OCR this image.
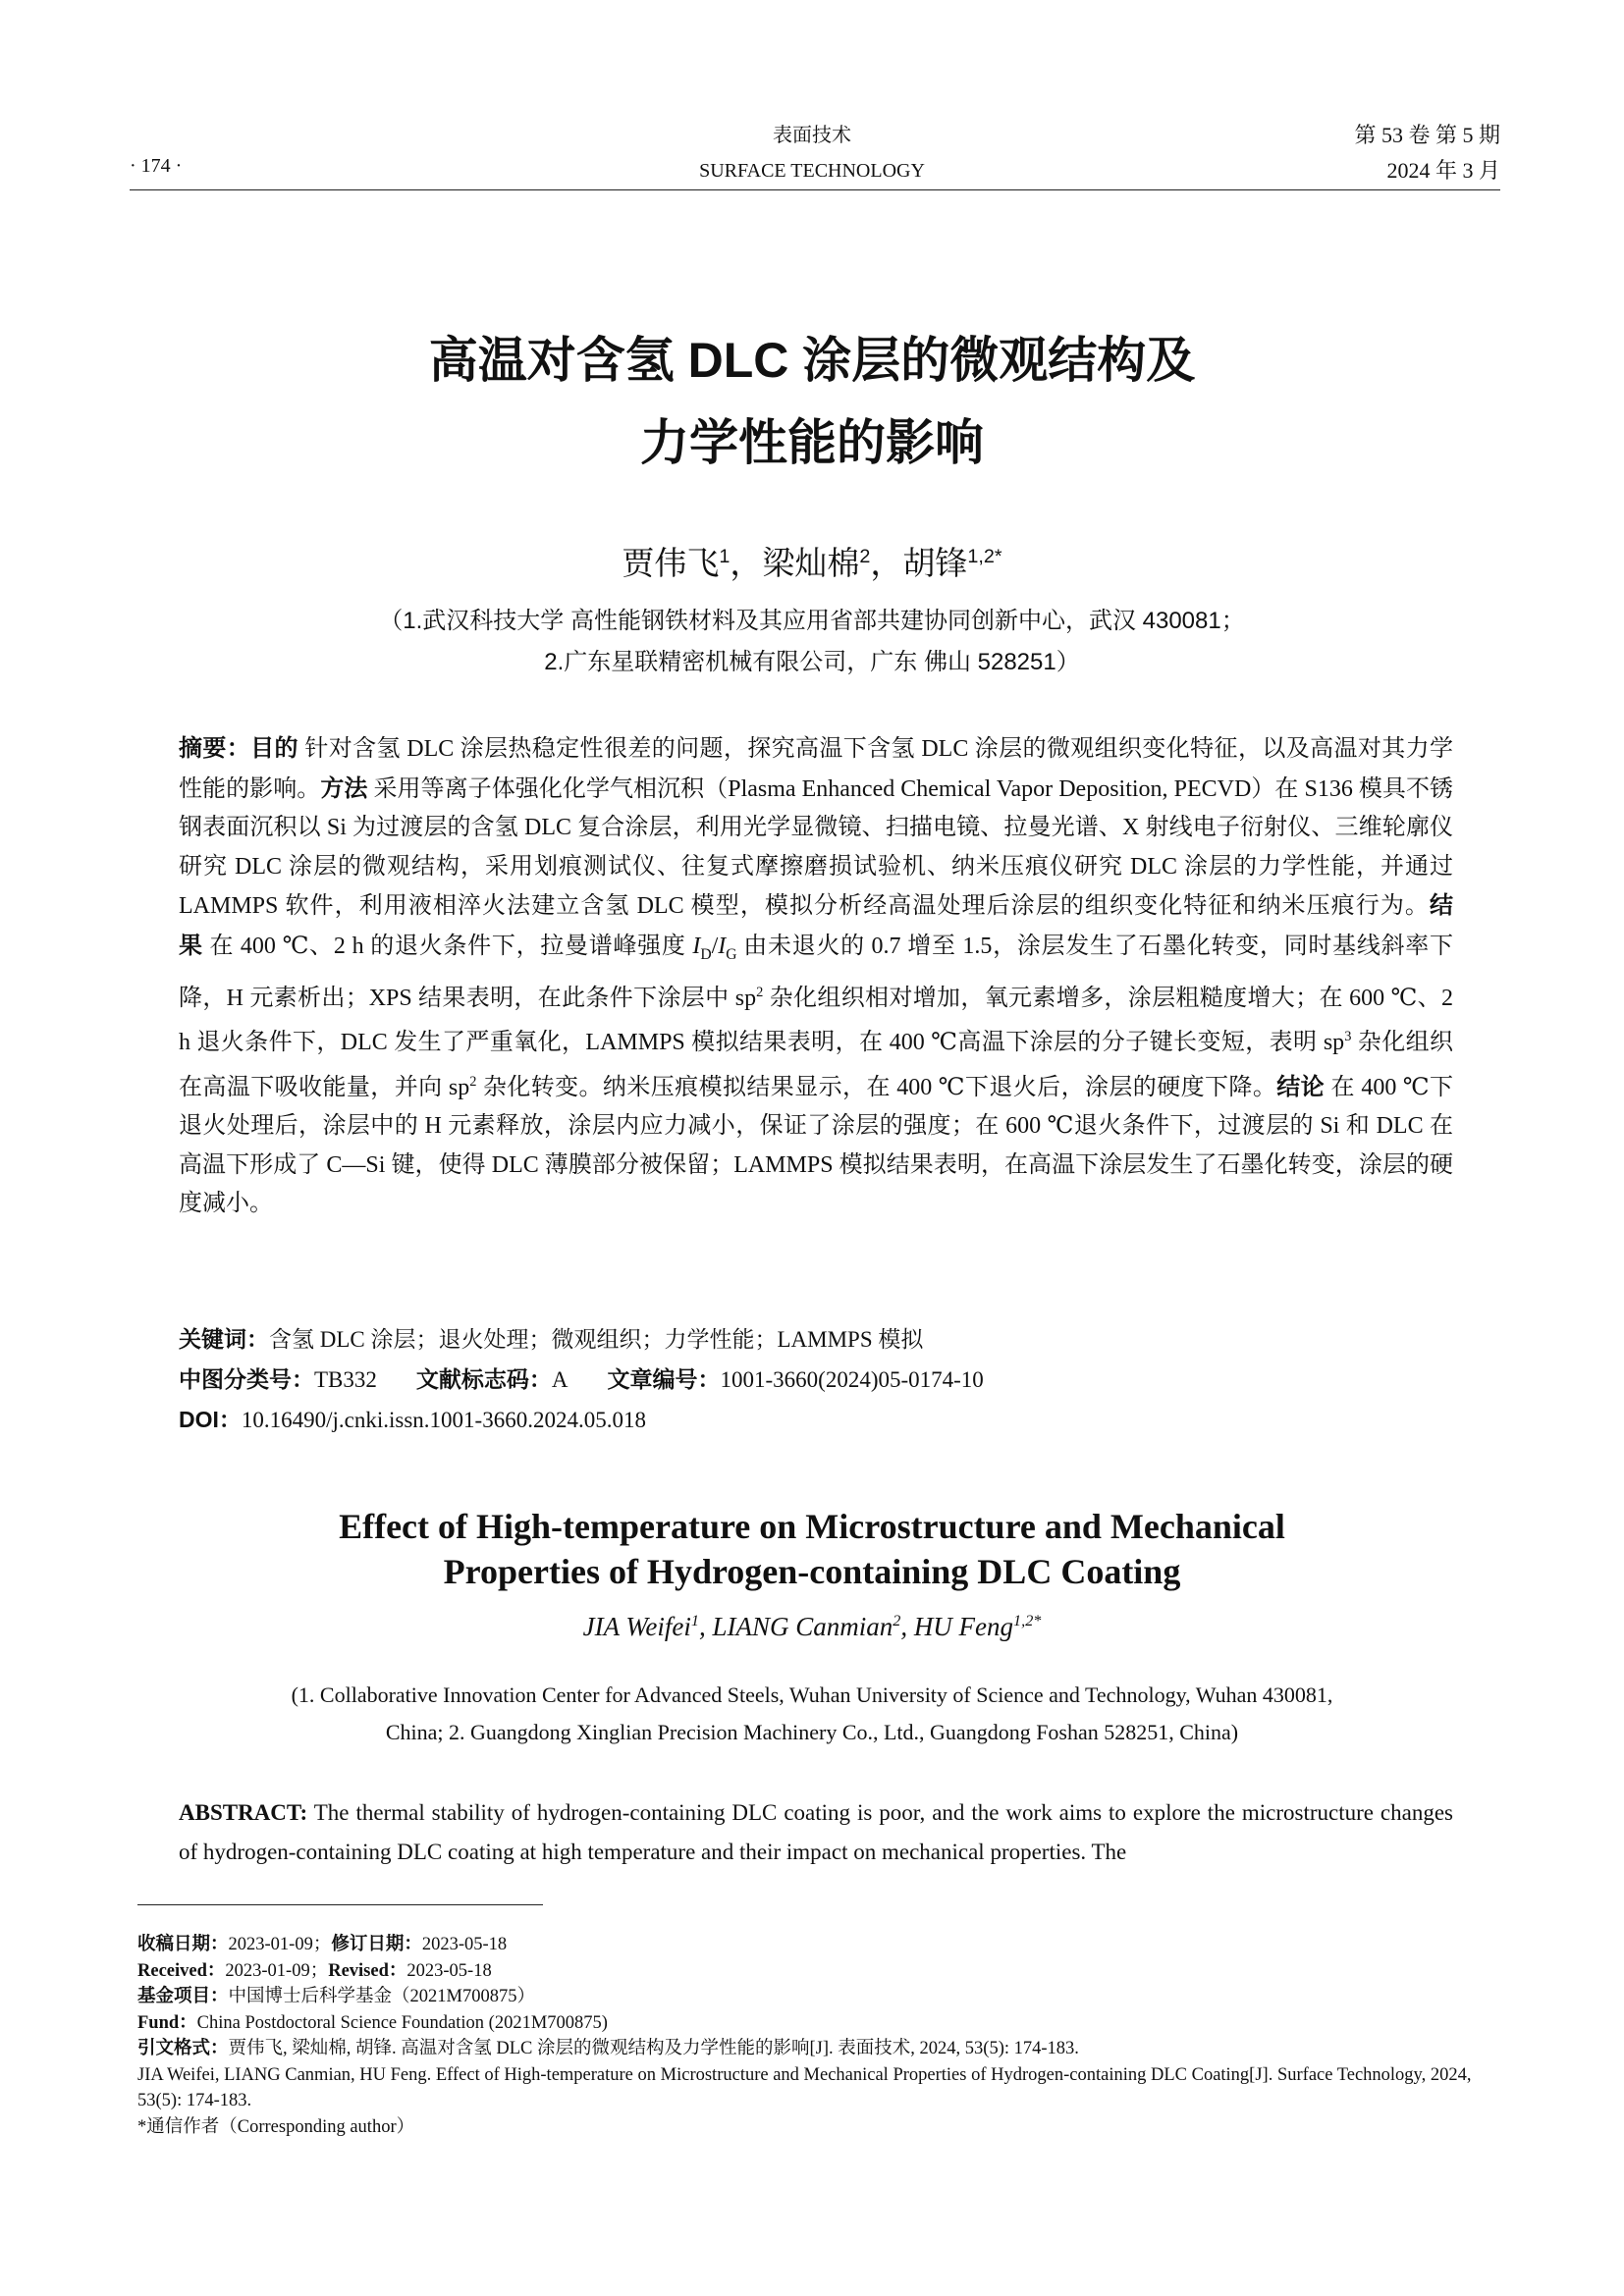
· 174 ·
表面技术
SURFACE TECHNOLOGY
第 53 卷 第 5 期
2024 年 3 月
高温对含氢 DLC 涂层的微观结构及
力学性能的影响
贾伟飞$^1$，梁灿棉$^2$，胡锋$^{1,2*}$
（1.武汉科技大学 高性能钢铁材料及其应用省部共建协同创新中心，武汉 430081；
2.广东星联精密机械有限公司，广东 佛山 528251）
摘要：目的 针对含氢 DLC 涂层热稳定性很差的问题，探究高温下含氢 DLC 涂层的微观组织变化特征，以及高温对其力学性能的影响。方法 采用等离子体强化化学气相沉积（Plasma Enhanced Chemical Vapor Deposition, PECVD）在 S136 模具不锈钢表面沉积以 Si 为过渡层的含氢 DLC 复合涂层，利用光学显微镜、扫描电镜、拉曼光谱、X 射线电子衍射仪、三维轮廓仪研究 DLC 涂层的微观结构，采用划痕测试仪、往复式摩擦磨损试验机、纳米压痕仪研究 DLC 涂层的力学性能，并通过 LAMMPS 软件，利用液相淬火法建立含氢 DLC 模型，模拟分析经高温处理后涂层的组织变化特征和纳米压痕行为。结果 在 400 ℃、2 h 的退火条件下，拉曼谱峰强度 $I_D/I_G$ 由未退火的 0.7 增至 1.5，涂层发生了石墨化转变，同时基线斜率下降，H 元素析出；XPS 结果表明，在此条件下涂层中 $sp^2$ 杂化组织相对增加，氧元素增多，涂层粗糙度增大；在 600 ℃、2 h 退火条件下，DLC 发生了严重氧化，LAMMPS 模拟结果表明，在 400 ℃高温下涂层的分子键长变短，表明 $sp^3$ 杂化组织在高温下吸收能量，并向 $sp^2$ 杂化转变。纳米压痕模拟结果显示，在 400 ℃下退火后，涂层的硬度下降。结论 在 400 ℃下退火处理后，涂层中的 H 元素释放，涂层内应力减小，保证了涂层的强度；在 600 ℃退火条件下，过渡层的 Si 和 DLC 在高温下形成了 C—Si 键，使得 DLC 薄膜部分被保留；LAMMPS 模拟结果表明，在高温下涂层发生了石墨化转变，涂层的硬度减小。
关键词：含氢 DLC 涂层；退火处理；微观组织；力学性能；LAMMPS 模拟
中图分类号：TB332 文献标志码：A 文章编号：1001-3660(2024)05-0174-10
DOI：10.16490/j.cnki.issn.1001-3660.2024.05.018
Effect of High-temperature on Microstructure and Mechanical
Properties of Hydrogen-containing DLC Coating
JIA Weifei$^1$, LIANG Canmian$^2$, HU Feng$^{1,2*}$
(1. Collaborative Innovation Center for Advanced Steels, Wuhan University of Science and Technology, Wuhan 430081,
China; 2. Guangdong Xinglian Precision Machinery Co., Ltd., Guangdong Foshan 528251, China)
ABSTRACT: The thermal stability of hydrogen-containing DLC coating is poor, and the work aims to explore the microstructure changes of hydrogen-containing DLC coating at high temperature and their impact on mechanical properties. The
收稿日期：2023-01-09；修订日期：2023-05-18
Received：2023-01-09；Revised：2023-05-18
基金项目：中国博士后科学基金（2021M700875）
Fund：China Postdoctoral Science Foundation (2021M700875)
引文格式：贾伟飞, 梁灿棉, 胡锋. 高温对含氢 DLC 涂层的微观结构及力学性能的影响[J]. 表面技术, 2024, 53(5): 174-183.
JIA Weifei, LIANG Canmian, HU Feng. Effect of High-temperature on Microstructure and Mechanical Properties of Hydrogen-containing DLC Coating[J]. Surface Technology, 2024, 53(5): 174-183.
*通信作者（Corresponding author）
